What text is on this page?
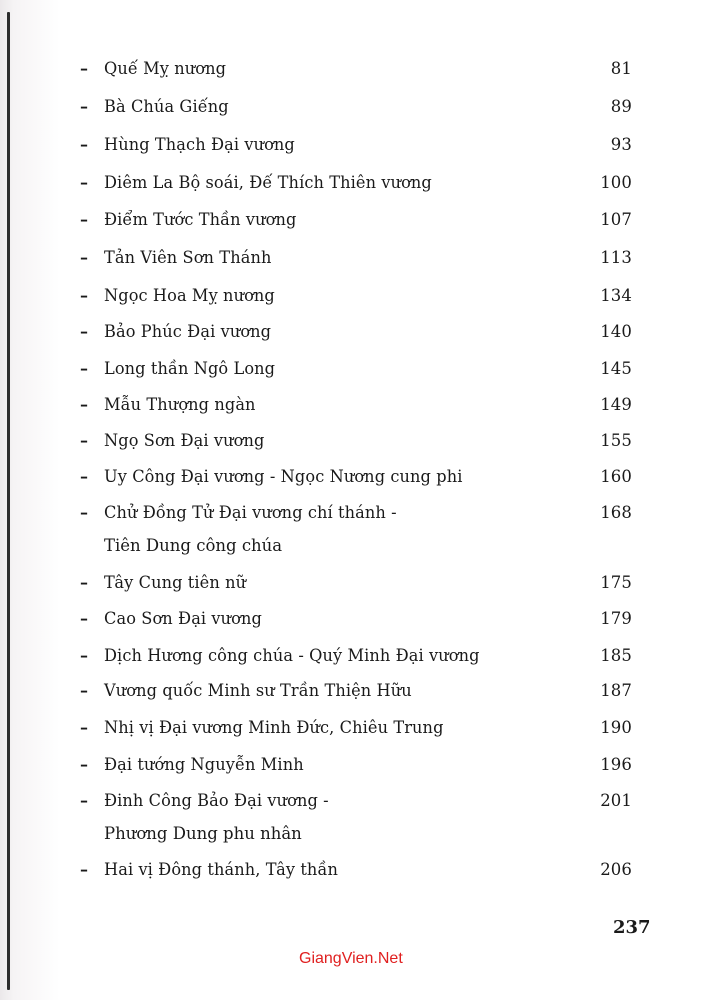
– Quế Mỵ nương	81
– Bà Chúa Giếng	89
– Hùng Thạch Đại vương	93
– Diêm La Bộ soái, Đế Thích Thiên vương	100
– Điểm Tước Thần vương	107
– Tản Viên Sơn Thánh	113
– Ngọc Hoa Mỵ nương	134
– Bảo Phúc Đại vương	140
– Long thần Ngô Long	145
– Mẫu Thượng ngàn	149
– Ngọ Sơn Đại vương	155
– Uy Công Đại vương - Ngọc Nương cung phi	160
– Chử Đồng Tử Đại vương chí thánh -	168
Tiên Dung công chúa
– Tây Cung tiên nữ	175
– Cao Sơn Đại vương	179
– Dịch Hương công chúa - Quý Minh Đại vương	185
– Vương quốc Minh sư Trần Thiện Hữu	187
– Nhị vị Đại vương Minh Đức, Chiêu Trung	190
– Đại tướng Nguyễn Minh	196
– Đinh Công Bảo Đại vương -	201
Phương Dung phu nhân
– Hai vị Đông thánh, Tây thần	206
237
GiangVien.Net
